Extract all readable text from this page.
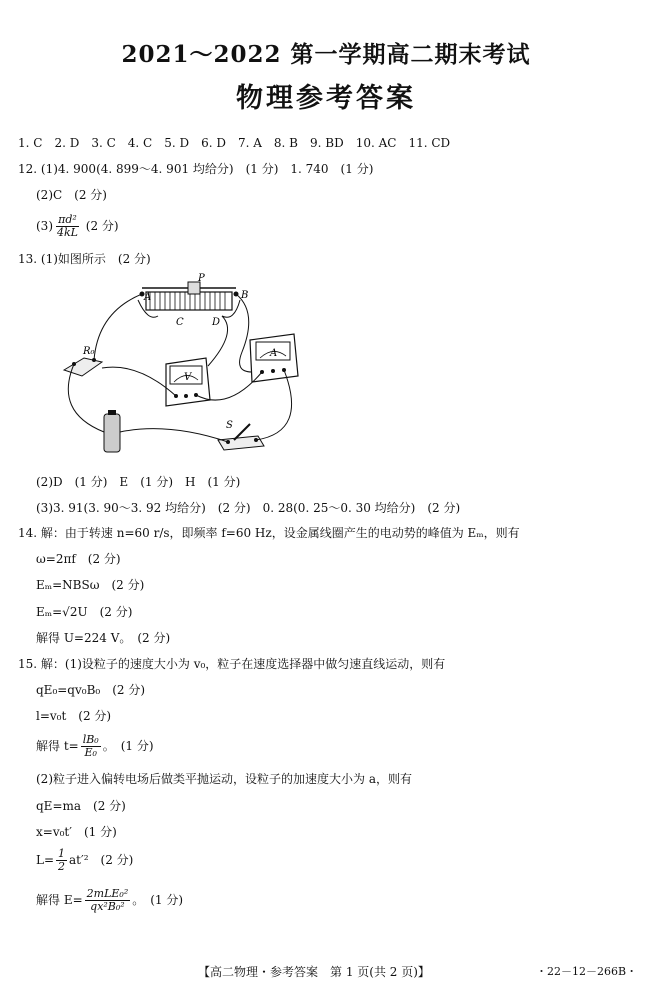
2021～2022 第一学期高二期末考试
物理参考答案
1. C　2. D　3. C　4. C　5. D　6. D　7. A　8. B　9. BD　10. AC　11. CD
12. (1)4. 900(4. 899～4. 901 均给分)　(1 分)　1. 740　(1 分)
(2)C　(2 分)
$(3) \frac{\text{πd²}}{4kL} (2$ 分)
13. (1)如图所示　(2 分)
A	B
P
C	D
R₀
V
A
S
(2)D　(1 分)　E　(1 分)　H　(1 分)
(3)3. 91(3. 90～3. 92 均给分)　(2 分)　0. 28(0. 25～0. 30 均给分)　(2 分)
14. 解：由于转速 n=60 r/s，即频率 f=60 Hz，设金属线圈产生的电动势的峰值为 Eₘ，则有
ω=2πf　(2 分)
Eₘ=NBSω　(2 分)
Eₘ=√2U　(2 分)
解得 U=224 V。　(2 分)
15. 解：(1)设粒子的速度大小为 v₀，粒子在速度选择器中做匀速直线运动，则有
qE₀=qv₀B₀　(2 分)
l=v₀t　(2 分)
解得 $t= \frac{\text{lB₀}}{\text{E₀}}$ 。　(1 分)
(2)粒子进入偏转电场后做类平抛运动，设粒子的加速度大小为 a，则有
qE=ma　(2 分)
x=v₀t′　(1 分)
$L= \frac{1}{2} at'^2$　(2 分)
解得 $E= \frac{\text{2mLE₀²}}{\text{qx²B₀²}}$ 。　(1 分)
【高二物理・参考答案　第 1 页(共 2 页)】	・22－12－266B・
